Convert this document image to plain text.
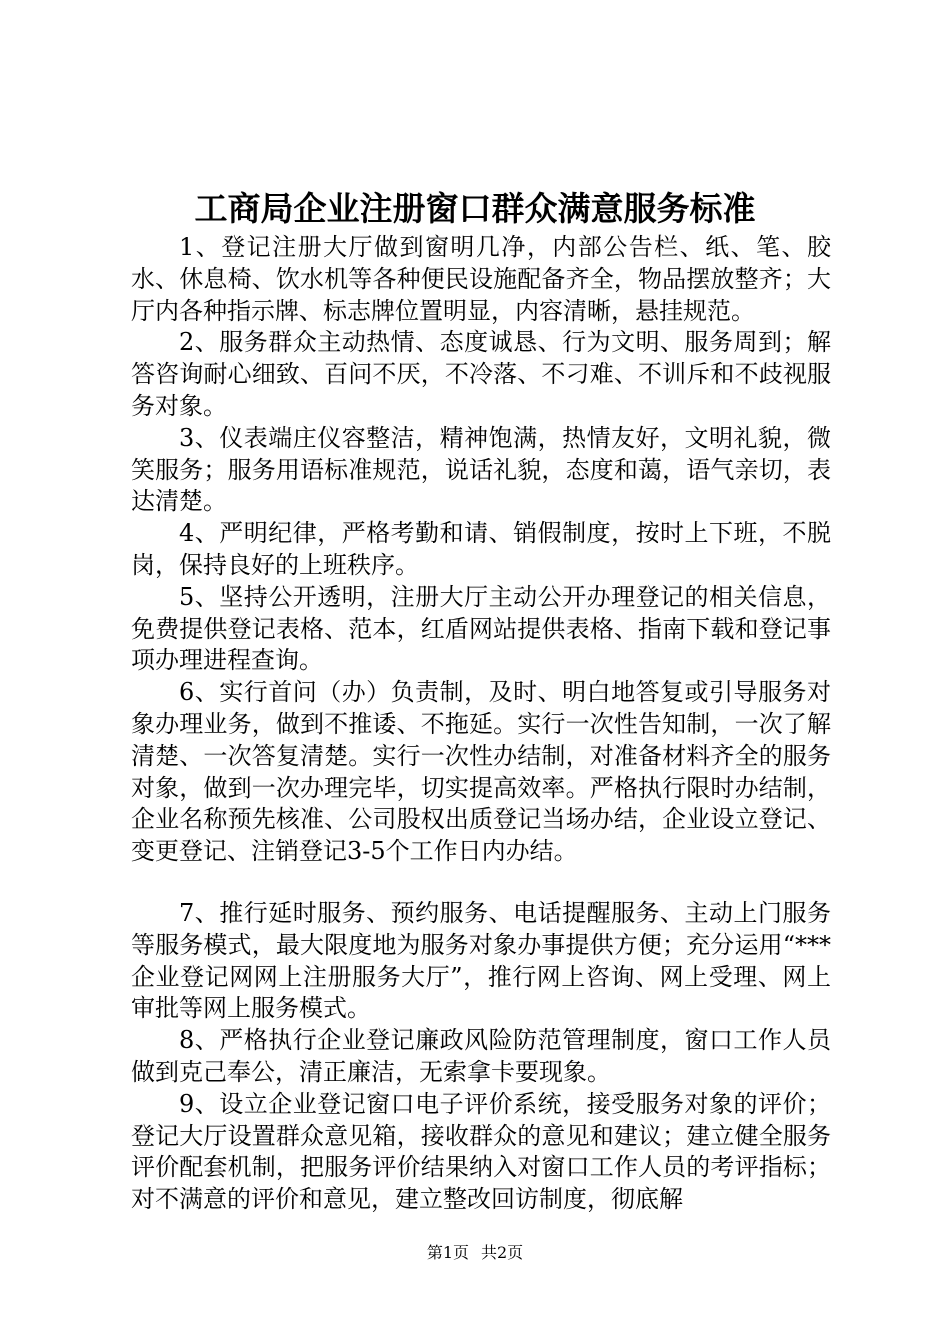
工商局企业注册窗口群众满意服务标准

1、登记注册大厅做到窗明几净，内部公告栏、纸、笔、胶水、休息椅、饮水机等各种便民设施配备齐全，物品摆放整齐；大厅内各种指示牌、标志牌位置明显，内容清晰，悬挂规范。

2、服务群众主动热情、态度诚恳、行为文明、服务周到；解答咨询耐心细致、百问不厌，不冷落、不刁难、不训斥和不歧视服务对象。

3、仪表端庄仪容整洁，精神饱满，热情友好，文明礼貌，微笑服务；服务用语标准规范，说话礼貌，态度和蔼，语气亲切，表达清楚。

4、严明纪律，严格考勤和请、销假制度，按时上下班，不脱岗，保持良好的上班秩序。

5、坚持公开透明，注册大厅主动公开办理登记的相关信息，免费提供登记表格、范本，红盾网站提供表格、指南下载和登记事项办理进程查询。

6、实行首问（办）负责制，及时、明白地答复或引导服务对象办理业务，做到不推诿、不拖延。实行一次性告知制，一次了解清楚、一次答复清楚。实行一次性办结制，对准备材料齐全的服务对象，做到一次办理完毕，切实提高效率。严格执行限时办结制，企业名称预先核准、公司股权出质登记当场办结，企业设立登记、变更登记、注销登记3-5个工作日内办结。

7、推行延时服务、预约服务、电话提醒服务、主动上门服务等服务模式，最大限度地为服务对象办事提供方便；充分运用“***企业登记网网上注册服务大厅”，推行网上咨询、网上受理、网上审批等网上服务模式。

8、严格执行企业登记廉政风险防范管理制度，窗口工作人员做到克己奉公，清正廉洁，无索拿卡要现象。

9、设立企业登记窗口电子评价系统，接受服务对象的评价；登记大厅设置群众意见箱，接收群众的意见和建议；建立健全服务评价配套机制，把服务评价结果纳入对窗口工作人员的考评指标；对不满意的评价和意见，建立整改回访制度，彻底解

第1页 共2页
